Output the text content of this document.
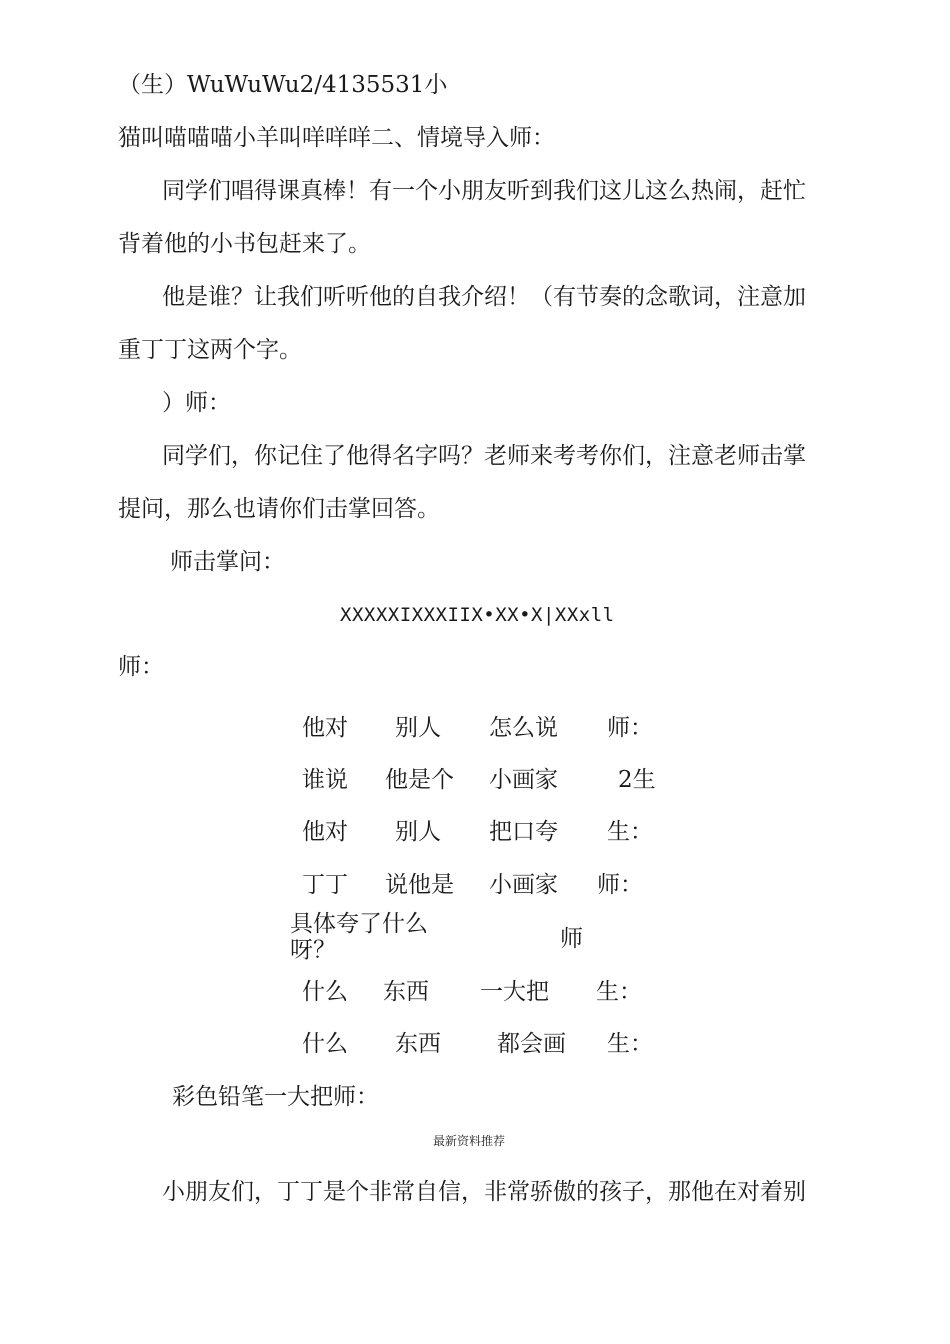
（生）WuWuWu2/4135531小
猫叫喵喵喵小羊叫咩咩咩二、情境导入师：
同学们唱得课真棒！有一个小朋友听到我们这儿这么热闹，赶忙
背着他的小书包赶来了。
他是谁？让我们听听他的自我介绍！（有节奏的念歌词，注意加
重丁丁这两个字。
）师：
同学们，你记住了他得名字吗？老师来考考你们，注意老师击掌
提问，那么也请你们击掌回答。
师击掌问：
XXXXXIXXXIIX•XX•X|XXxll
师：
他对 别人 怎么说 师：
谁说 他是个 小画家	2生
他对 别人 把口夸 生：
丁丁 说他是 小画家 师：
具体夸了什么呀？	师
什么 东西 一大把 生：
什么 东西 都会画 生：
彩色铅笔一大把师：
最新资料推荐
小朋友们，丁丁是个非常自信，非常骄傲的孩子，那他在对着别
